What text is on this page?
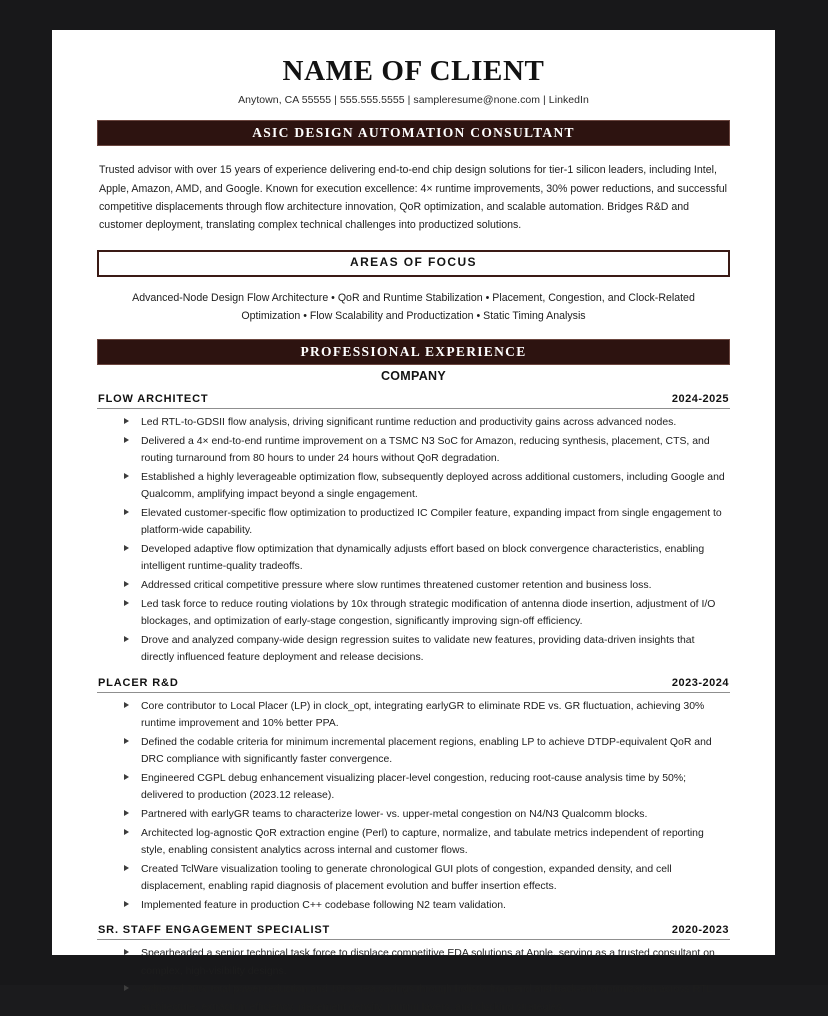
NAME OF CLIENT
Anytown, CA 55555 | 555.555.5555 | sampleresume@none.com | LinkedIn
ASIC DESIGN AUTOMATION CONSULTANT

Trusted advisor with over 15 years of experience delivering end-to-end chip design solutions for tier-1 silicon leaders, including Intel, Apple, Amazon, AMD, and Google. Known for execution excellence: 4× runtime improvements, 30% power reductions, and successful competitive displacements through flow architecture innovation, QoR optimization, and scalable automation. Bridges R&D and customer deployment, translating complex technical challenges into productized solutions.

AREAS OF FOCUS

Advanced-Node Design Flow Architecture • QoR and Runtime Stabilization • Placement, Congestion, and Clock-Related Optimization • Flow Scalability and Productization • Static Timing Analysis

PROFESSIONAL EXPERIENCE
COMPANY
FLOW ARCHITECT	2024-2025
Led RTL-to-GDSII flow analysis, driving significant runtime reduction and productivity gains across advanced nodes.
Delivered a 4× end-to-end runtime improvement on a TSMC N3 SoC for Amazon, reducing synthesis, placement, CTS, and routing turnaround from 80 hours to under 24 hours without QoR degradation.
Established a highly leverageable optimization flow, subsequently deployed across additional customers, including Google and Qualcomm, amplifying impact beyond a single engagement.
Elevated customer-specific flow optimization to productized IC Compiler feature, expanding impact from single engagement to platform-wide capability.
Developed adaptive flow optimization that dynamically adjusts effort based on block convergence characteristics, enabling intelligent runtime-quality tradeoffs.
Addressed critical competitive pressure where slow runtimes threatened customer retention and business loss.
Led task force to reduce routing violations by 10x through strategic modification of antenna diode insertion, adjustment of I/O blockages, and optimization of early-stage congestion, significantly improving sign-off efficiency.
Drove and analyzed company-wide design regression suites to validate new features, providing data-driven insights that directly influenced feature deployment and release decisions.
PLACER R&D	2023-2024
Core contributor to Local Placer (LP) in clock_opt, integrating earlyGR to eliminate RDE vs. GR fluctuation, achieving 30% runtime improvement and 10% better PPA.
Defined the codable criteria for minimum incremental placement regions, enabling LP to achieve DTDP-equivalent QoR and DRC compliance with significantly faster convergence.
Engineered CGPL debug enhancement visualizing placer-level congestion, reducing root-cause analysis time by 50%; delivered to production (2023.12 release).
Partnered with earlyGR teams to characterize lower- vs. upper-metal congestion on N4/N3 Qualcomm blocks.
Architected log-agnostic QoR extraction engine (Perl) to capture, normalize, and tabulate metrics independent of reporting style, enabling consistent analytics across internal and customer flows.
Created TclWare visualization tooling to generate chronological GUI plots of congestion, expanded density, and cell displacement, enabling rapid diagnosis of placement evolution and buffer insertion effects.
Implemented feature in production C++ codebase following N2 team validation.
SR. STAFF ENGAGEMENT SPECIALIST	2020-2023
Spearheaded a senior technical task force to displace competitive EDA solutions at Apple, serving as a trusted consultant on complex, high-visibility designs.
Achieved 30% total power reduction and 10% area savings through holistic front-end and back-end optimization across RTL architecture, extraction efficiency, placement density, routing layers, and clocking strategies.
